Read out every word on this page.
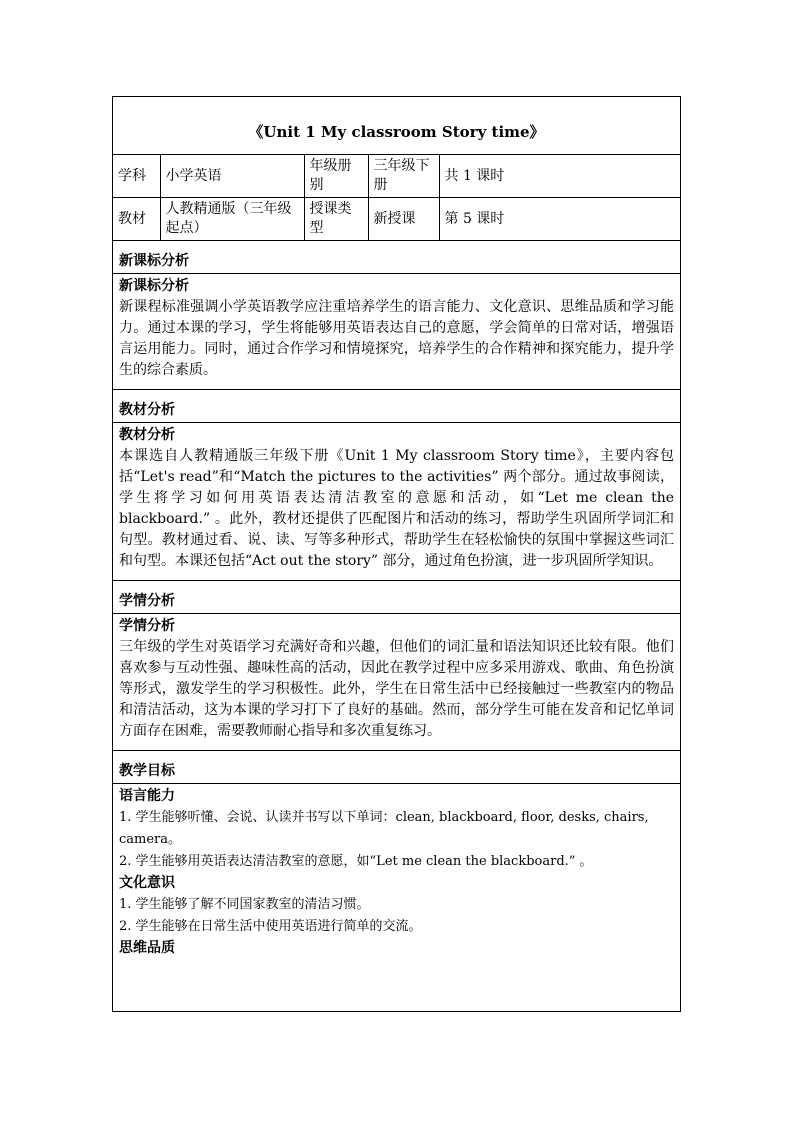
《Unit 1 My classroom Story time》
学科	小学英语	年级册别	三年级下册	共 1 课时
教材	人教精通版（三年级起点）	授课类型	新授课	第 5 课时
新课标分析
新课标分析

新课程标准强调小学英语教学应注重培养学生的语言能力、文化意识、思维品质和学习能力。通过本课的学习，学生将能够用英语表达自己的意愿，学会简单的日常对话，增强语言运用能力。同时，通过合作学习和情境探究，培养学生的合作精神和探究能力，提升学生的综合素质。

教材分析
教材分析

本课选自人教精通版三年级下册《Unit 1 My classroom Story time》，主要内容包括“Let's read”和“Match the pictures to the activities” 两个部分。通过故事阅读，学生将学习如何用英语表达清洁教室的意愿和活动，如“Let me clean the blackboard.” 。此外，教材还提供了匹配图片和活动的练习，帮助学生巩固所学词汇和句型。教材通过看、说、读、写等多种形式，帮助学生在轻松愉快的氛围中掌握这些词汇和句型。本课还包括“Act out the story” 部分，通过角色扮演，进一步巩固所学知识。

学情分析
学情分析

三年级的学生对英语学习充满好奇和兴趣，但他们的词汇量和语法知识还比较有限。他们喜欢参与互动性强、趣味性高的活动，因此在教学过程中应多采用游戏、歌曲、角色扮演等形式，激发学生的学习积极性。此外，学生在日常生活中已经接触过一些教室内的物品和清洁活动，这为本课的学习打下了良好的基础。然而，部分学生可能在发音和记忆单词方面存在困难，需要教师耐心指导和多次重复练习。

教学目标
语言能力

1. 学生能够听懂、会说、认读并书写以下单词：clean, blackboard, floor, desks, chairs, camera。

2. 学生能够用英语表达清洁教室的意愿，如“Let me clean the blackboard.” 。

文化意识

1. 学生能够了解不同国家教室的清洁习惯。

2. 学生能够在日常生活中使用英语进行简单的交流。

思维品质
